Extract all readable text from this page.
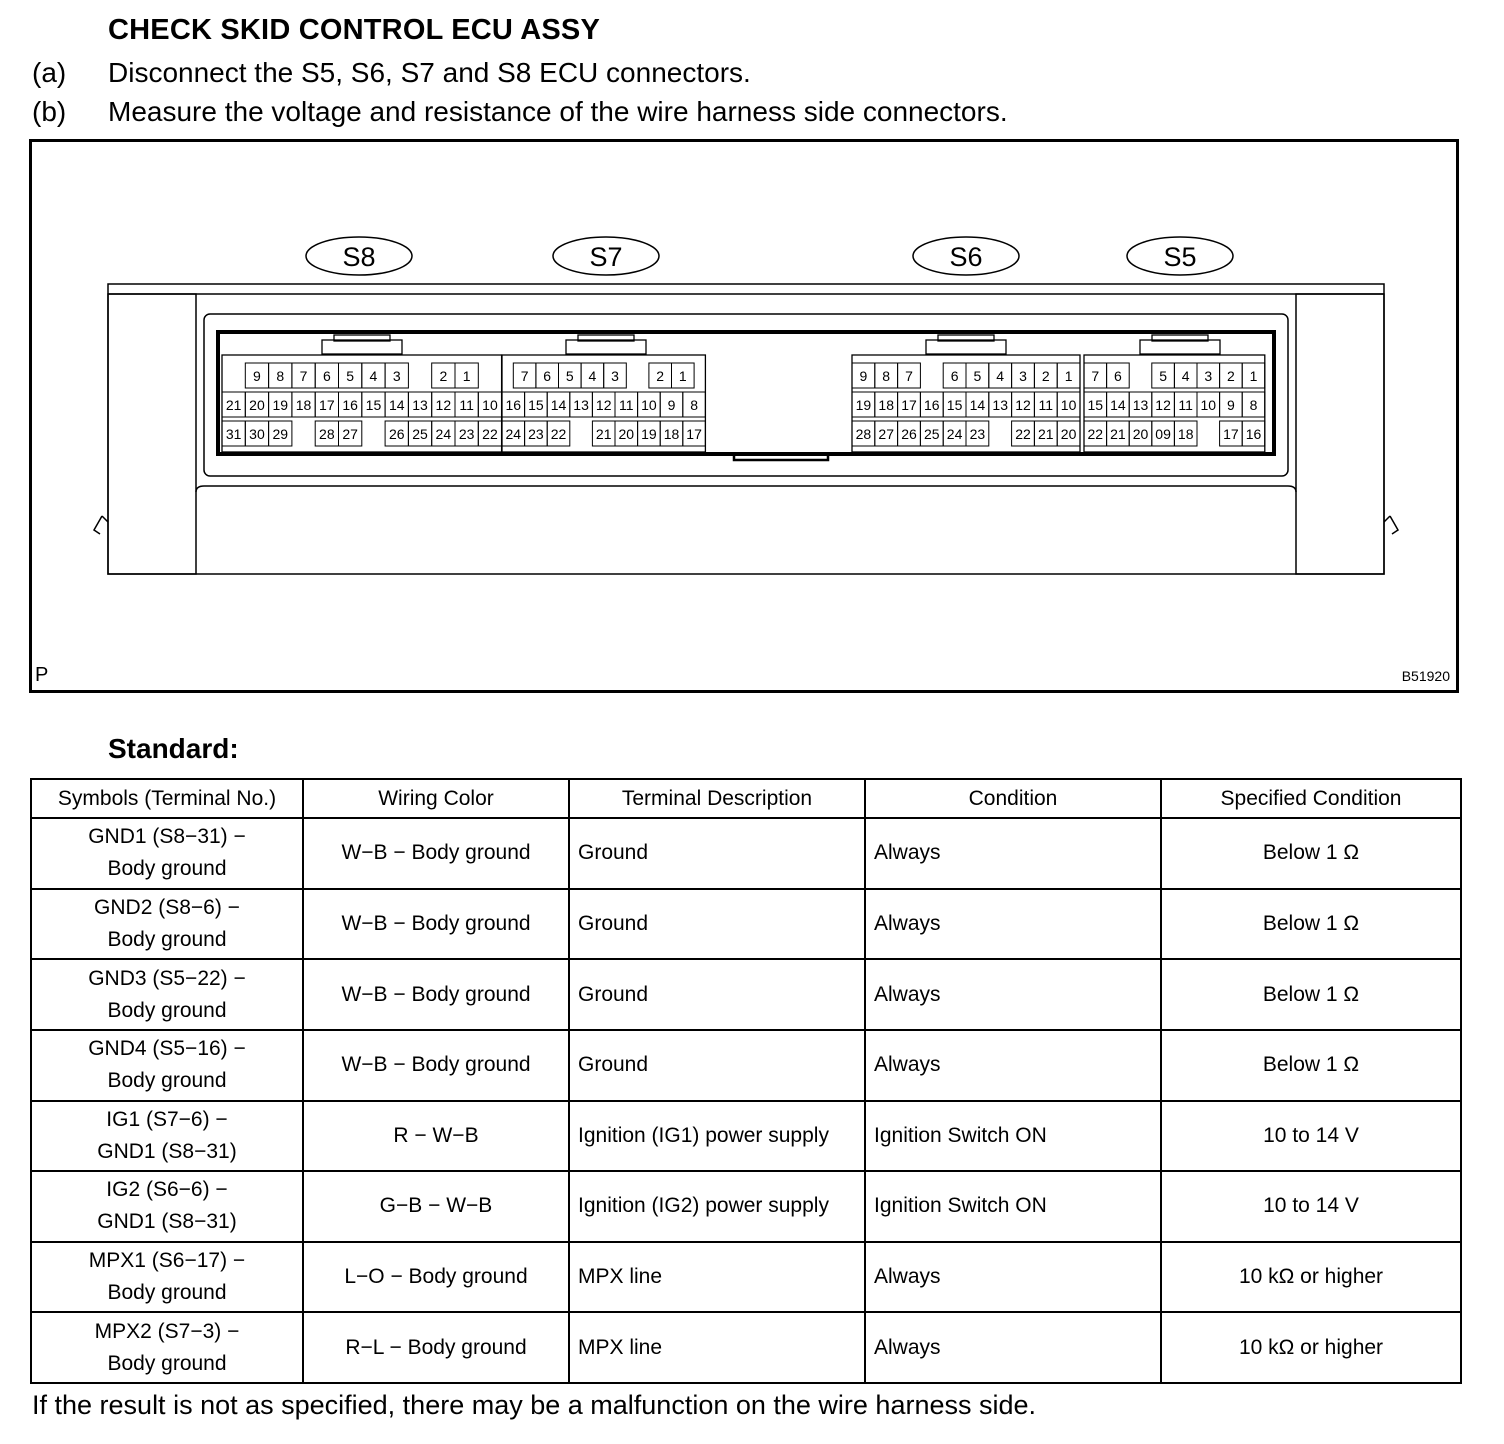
CHECK SKID CONTROL ECU ASSY
(a)	Disconnect the S5, S6, S7 and S8 ECU connectors.
(b)	Measure the voltage and resistance of the wire harness side connectors.
S8
9 8 7 6 5 4 3	2 1
21 20 19 18 17 16 15 14 13 12 11 10
31 30 29 28 27 26 25 24 23 22
S7
7 6 5 4 3	2 1
16 15 14 13 12 11 10 9 8
24 23 22 21 20 19 18 17
S6
9 8 7	6 5 4 3 2 1
19 18 17 16 15 14 13 12 11 10
28 27 26 25 24 23 22 21 20
S5
7 6	5 4 3 2 1
15 14 13 12 11 10 9 8
22 21 20 09 18 17 16
P	B51920
Standard:
Symbols (Terminal No.)	Wiring Color	Terminal Description	Condition	Specified Condition

GND1 (S8−31) −
Body ground	W−B − Body ground	Ground	Always	Below 1 Ω

GND2 (S8−6) −
Body ground	W−B − Body ground	Ground	Always	Below 1 Ω

GND3 (S5−22) −
Body ground	W−B − Body ground	Ground	Always	Below 1 Ω

GND4 (S5−16) −
Body ground	W−B − Body ground	Ground	Always	Below 1 Ω

IG1 (S7−6) −
GND1 (S8−31)	R − W−B	Ignition (IG1) power supply	Ignition Switch ON	10 to 14 V

IG2 (S6−6) −
GND1 (S8−31)	G−B − W−B	Ignition (IG2) power supply	Ignition Switch ON	10 to 14 V

MPX1 (S6−17) −
Body ground	L−O − Body ground	MPX line	Always	10 kΩ or higher

MPX2 (S7−3) −
Body ground	R−L − Body ground	MPX line	Always	10 kΩ or higher
If the result is not as specified, there may be a malfunction on the wire harness side.
